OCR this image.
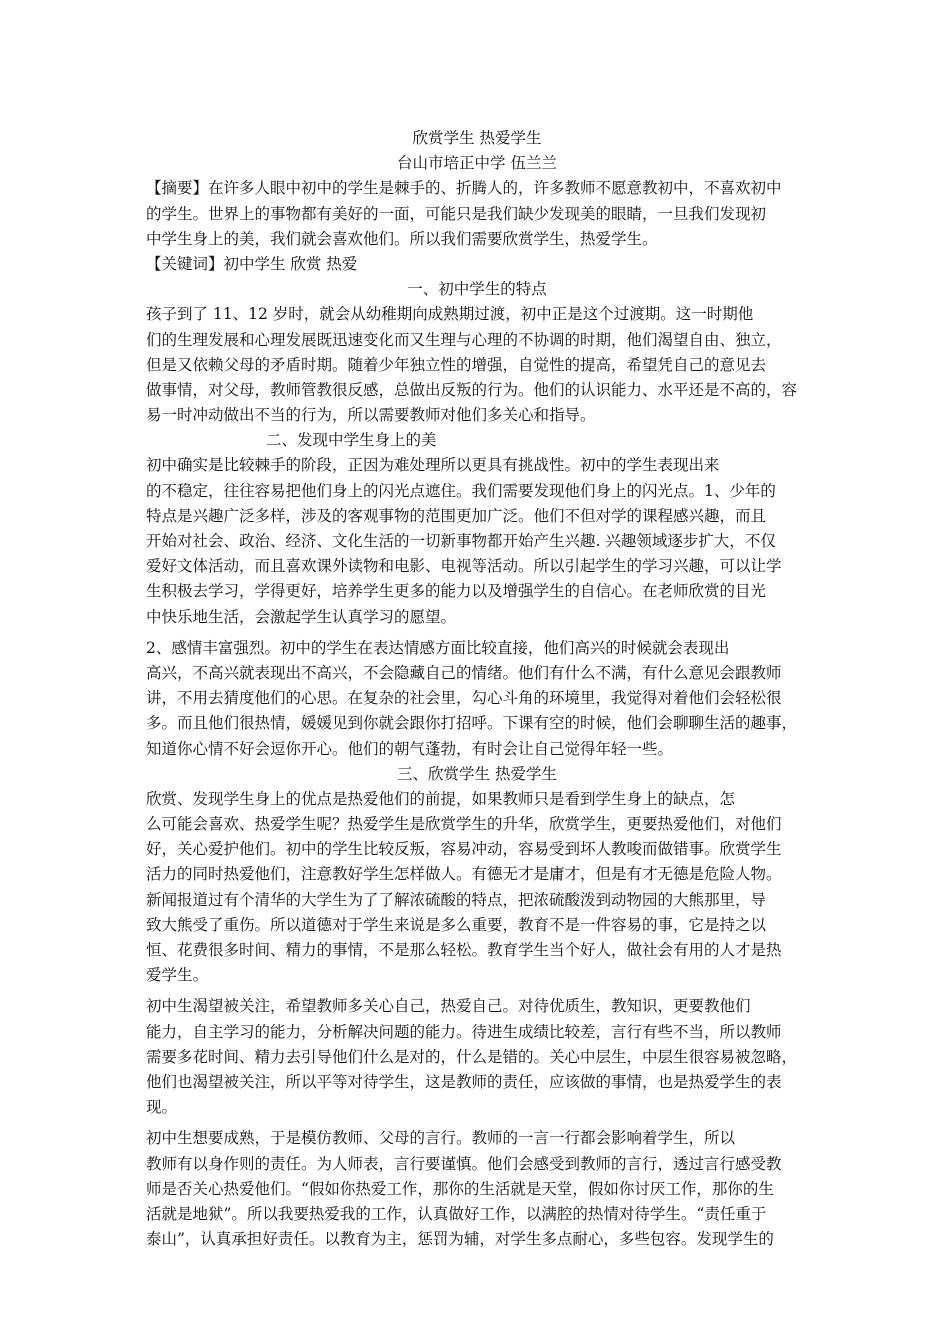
欣赏学生 热爱学生
台山市培正中学 伍兰兰
【摘要】在许多人眼中初中的学生是棘手的、折腾人的，许多教师不愿意教初中，不喜欢初中
的学生。世界上的事物都有美好的一面，可能只是我们缺少发现美的眼睛，一旦我们发现初
中学生身上的美，我们就会喜欢他们。所以我们需要欣赏学生，热爱学生。
【关键词】初中学生 欣赏 热爱
一、初中学生的特点
孩子到了 11、12 岁时，就会从幼稚期向成熟期过渡，初中正是这个过渡期。这一时期他
们的生理发展和心理发展既迅速变化而又生理与心理的不协调的时期，他们渴望自由、独立，
但是又依赖父母的矛盾时期。随着少年独立性的增强，自觉性的提高，希望凭自己的意见去
做事情，对父母，教师管教很反感，总做出反叛的行为。他们的认识能力、水平还是不高的，容
易一时冲动做出不当的行为，所以需要教师对他们多关心和指导。
二、发现中学生身上的美
初中确实是比较棘手的阶段，正因为难处理所以更具有挑战性。初中的学生表现出来
的不稳定，往往容易把他们身上的闪光点遮住。我们需要发现他们身上的闪光点。1、少年的
特点是兴趣广泛多样，涉及的客观事物的范围更加广泛。他们不但对学的课程感兴趣，而且
开始对社会、政治、经济、文化生活的一切新事物都开始产生兴趣. 兴趣领域逐步扩大，不仅
爱好文体活动，而且喜欢课外读物和电影、电视等活动。所以引起学生的学习兴趣，可以让学
生积极去学习，学得更好，培养学生更多的能力以及增强学生的自信心。在老师欣赏的目光
中快乐地生活，会激起学生认真学习的愿望。
2、感情丰富强烈。初中的学生在表达情感方面比较直接，他们高兴的时候就会表现出
高兴，不高兴就表现出不高兴，不会隐藏自己的情绪。他们有什么不满，有什么意见会跟教师
讲，不用去猜度他们的心思。在复杂的社会里，勾心斗角的环境里，我觉得对着他们会轻松很
多。而且他们很热情，媛媛见到你就会跟你打招呼。下课有空的时候，他们会聊聊生活的趣事，
知道你心情不好会逗你开心。他们的朝气蓬勃，有时会让自己觉得年轻一些。
三、欣赏学生 热爱学生
欣赏、发现学生身上的优点是热爱他们的前提，如果教师只是看到学生身上的缺点，怎
么可能会喜欢、热爱学生呢？热爱学生是欣赏学生的升华，欣赏学生，更要热爱他们，对他们
好，关心爱护他们。初中的学生比较反叛，容易冲动，容易受到坏人教唆而做错事。欣赏学生
活力的同时热爱他们，注意教好学生怎样做人。有德无才是庸才，但是有才无德是危险人物。
新闻报道过有个清华的大学生为了了解浓硫酸的特点，把浓硫酸泼到动物园的大熊那里，导
致大熊受了重伤。所以道德对于学生来说是多么重要，教育不是一件容易的事，它是持之以
恒、花费很多时间、精力的事情，不是那么轻松。教育学生当个好人，做社会有用的人才是热
爱学生。
初中生渴望被关注，希望教师多关心自己，热爱自己。对待优质生，教知识，更要教他们
能力，自主学习的能力，分析解决问题的能力。待进生成绩比较差，言行有些不当，所以教师
需要多花时间、精力去引导他们什么是对的，什么是错的。关心中层生，中层生很容易被忽略，
他们也渴望被关注，所以平等对待学生，这是教师的责任，应该做的事情，也是热爱学生的表
现。
初中生想要成熟，于是模仿教师、父母的言行。教师的一言一行都会影响着学生，所以
教师有以身作则的责任。为人师表，言行要谨慎。他们会感受到教师的言行，透过言行感受教
师是否关心热爱他们。“假如你热爱工作，那你的生活就是天堂，假如你讨厌工作，那你的生
活就是地狱”。所以我要热爱我的工作，认真做好工作，以满腔的热情对待学生。“责任重于
泰山”，认真承担好责任。以教育为主，惩罚为辅，对学生多点耐心，多些包容。发现学生的
